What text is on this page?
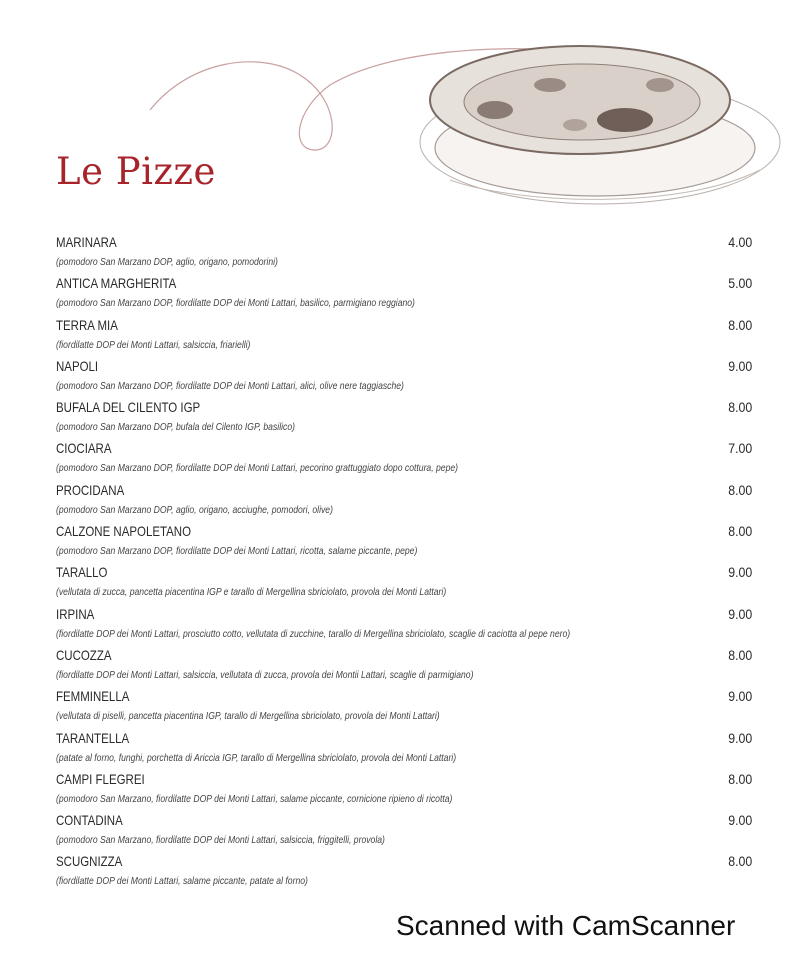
Le Pizze
MARINARA	4.00
(pomodoro San Marzano DOP, aglio, origano, pomodorini)
ANTICA MARGHERITA	5.00
(pomodoro San Marzano DOP, fiordilatte DOP dei Monti Lattari, basilico, parmigiano reggiano)
TERRA MIA	8.00
(fiordilatte DOP dei Monti Lattari, salsiccia, friarielli)
NAPOLI	9.00
(pomodoro San Marzano DOP, fiordilatte DOP dei Monti Lattari, alici, olive nere taggiasche)
BUFALA DEL CILENTO IGP	8.00
(pomodoro San Marzano DOP, bufala del Cilento IGP, basilico)
CIOCIARA	7.00
(pomodoro San Marzano DOP, fiordilatte DOP dei Monti Lattari, pecorino grattuggiato dopo cottura, pepe)
PROCIDANA	8.00
(pomodoro San Marzano DOP, aglio, origano, acciughe, pomodori, olive)
CALZONE NAPOLETANO	8.00
(pomodoro San Marzano DOP, fiordilatte DOP dei Monti Lattari, ricotta, salame piccante, pepe)
TARALLO	9.00
(vellutata di zucca, pancetta piacentina IGP e tarallo di Mergellina sbriciolato, provola dei Monti Lattari)
IRPINA	9.00
(fiordilatte DOP dei Monti Lattari, prosciutto cotto, vellutata di zucchine, tarallo di Mergellina sbriciolato, scaglie di caciotta al pepe nero)
CUCOZZA	8.00
(fiordilatte DOP dei Monti Lattari, salsiccia, vellutata di zucca, provola dei Montii Lattari, scaglie di parmigiano)
FEMMINELLA	9.00
(vellutata di piselli, pancetta piacentina IGP, tarallo di Mergellina sbriciolato, provola dei Monti Lattari)
TARANTELLA	9.00
(patate al forno, funghi, porchetta di Ariccia IGP, tarallo di Mergellina sbriciolato, provola dei Monti Lattari)
CAMPI FLEGREI	8.00
(pomodoro San Marzano, fiordilatte DOP dei Monti Lattari, salame piccante, cornicione ripieno di ricotta)
CONTADINA	9.00
(pomodoro San Marzano, fiordilatte DOP dei Monti Lattari, salsiccia, friggitelli, provola)
SCUGNIZZA	8.00
(fiordilatte DOP dei Monti Lattari, salame piccante, patate al forno)
Scanned with CamScanner
